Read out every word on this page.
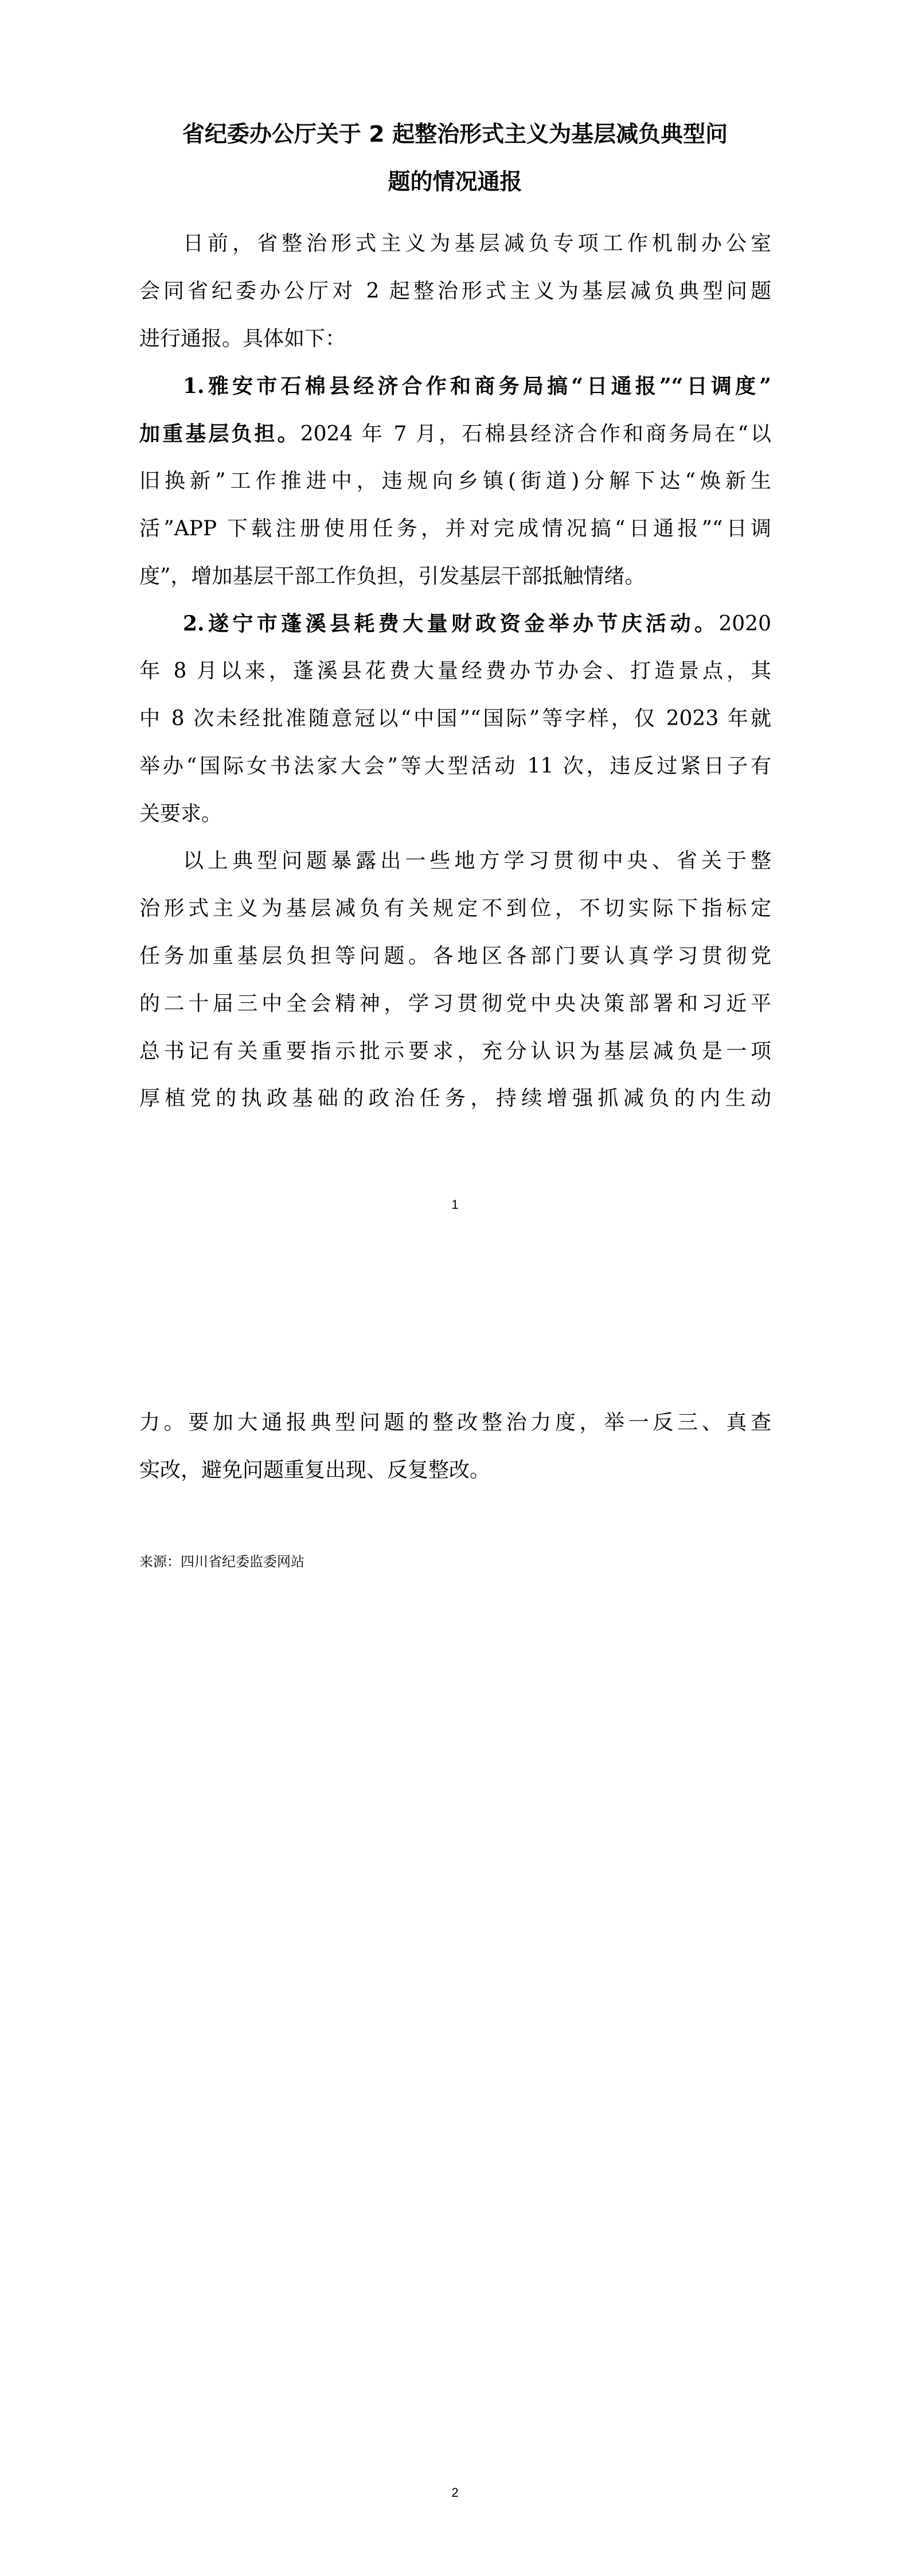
省纪委办公厅关于 2 起整治形式主义为基层减负典型问
题的情况通报
日前，省整治形式主义为基层减负专项工作机制办公室
会同省纪委办公厅对 2 起整治形式主义为基层减负典型问题
进行通报。具体如下：
1.雅安市石棉县经济合作和商务局搞“日通报”“日调度”
加重基层负担。2024 年 7 月，石棉县经济合作和商务局在“以
旧换新”工作推进中，违规向乡镇(街道)分解下达“焕新生
活”APP 下载注册使用任务，并对完成情况搞“日通报”“日调
度”，增加基层干部工作负担，引发基层干部抵触情绪。
2.遂宁市蓬溪县耗费大量财政资金举办节庆活动。2020
年 8 月以来，蓬溪县花费大量经费办节办会、打造景点，其
中 8 次未经批准随意冠以“中国”“国际”等字样，仅 2023 年就
举办“国际女书法家大会”等大型活动 11 次，违反过紧日子有
关要求。
以上典型问题暴露出一些地方学习贯彻中央、省关于整
治形式主义为基层减负有关规定不到位，不切实际下指标定
任务加重基层负担等问题。各地区各部门要认真学习贯彻党
的二十届三中全会精神，学习贯彻党中央决策部署和习近平
总书记有关重要指示批示要求，充分认识为基层减负是一项
厚植党的执政基础的政治任务，持续增强抓减负的内生动
1
力。要加大通报典型问题的整改整治力度，举一反三、真查
实改，避免问题重复出现、反复整改。
来源：四川省纪委监委网站
2
